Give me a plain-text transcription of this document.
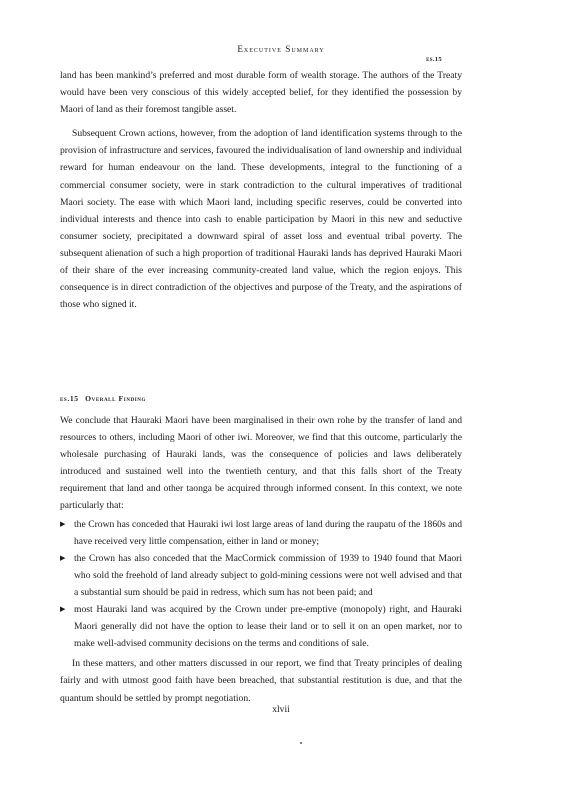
Executive Summary
es.15

land has been mankind’s preferred and most durable form of wealth storage. The authors of the Treaty would have been very conscious of this widely accepted belief, for they identified the possession by Maori of land as their foremost tangible asset.

Subsequent Crown actions, however, from the adoption of land identification systems through to the provision of infrastructure and services, favoured the individualisation of land ownership and individual reward for human endeavour on the land. These developments, integral to the functioning of a commercial consumer society, were in stark contradiction to the cultural imperatives of traditional Maori society. The ease with which Maori land, including specific reserves, could be converted into individual interests and thence into cash to enable participation by Maori in this new and seductive consumer society, precipitated a downward spiral of asset loss and eventual tribal poverty. The subsequent alienation of such a high proportion of traditional Hauraki lands has deprived Hauraki Maori of their share of the ever increasing community-created land value, which the region enjoys. This consequence is in direct contradiction of the objectives and purpose of the Treaty, and the aspirations of those who signed it.

es.15 Overall Finding

We conclude that Hauraki Maori have been marginalised in their own rohe by the transfer of land and resources to others, including Maori of other iwi. Moreover, we find that this outcome, particularly the wholesale purchasing of Hauraki lands, was the consequence of policies and laws deliberately introduced and sustained well into the twentieth century, and that this falls short of the Treaty requirement that land and other taonga be acquired through informed consent. In this context, we note particularly that:

▶ the Crown has conceded that Hauraki iwi lost large areas of land during the raupatu of the 1860s and have received very little compensation, either in land or money;
▶ the Crown has also conceded that the MacCormick commission of 1939 to 1940 found that Maori who sold the freehold of land already subject to gold-mining cessions were not well advised and that a substantial sum should be paid in redress, which sum has not been paid; and
▶ most Hauraki land was acquired by the Crown under pre-emptive (monopoly) right, and Hauraki Maori generally did not have the option to lease their land or to sell it on an open market, nor to make well-advised community decisions on the terms and conditions of sale.

In these matters, and other matters discussed in our report, we find that Treaty principles of dealing fairly and with utmost good faith have been breached, that substantial restitution is due, and that the quantum should be settled by prompt negotiation.

xlvii
